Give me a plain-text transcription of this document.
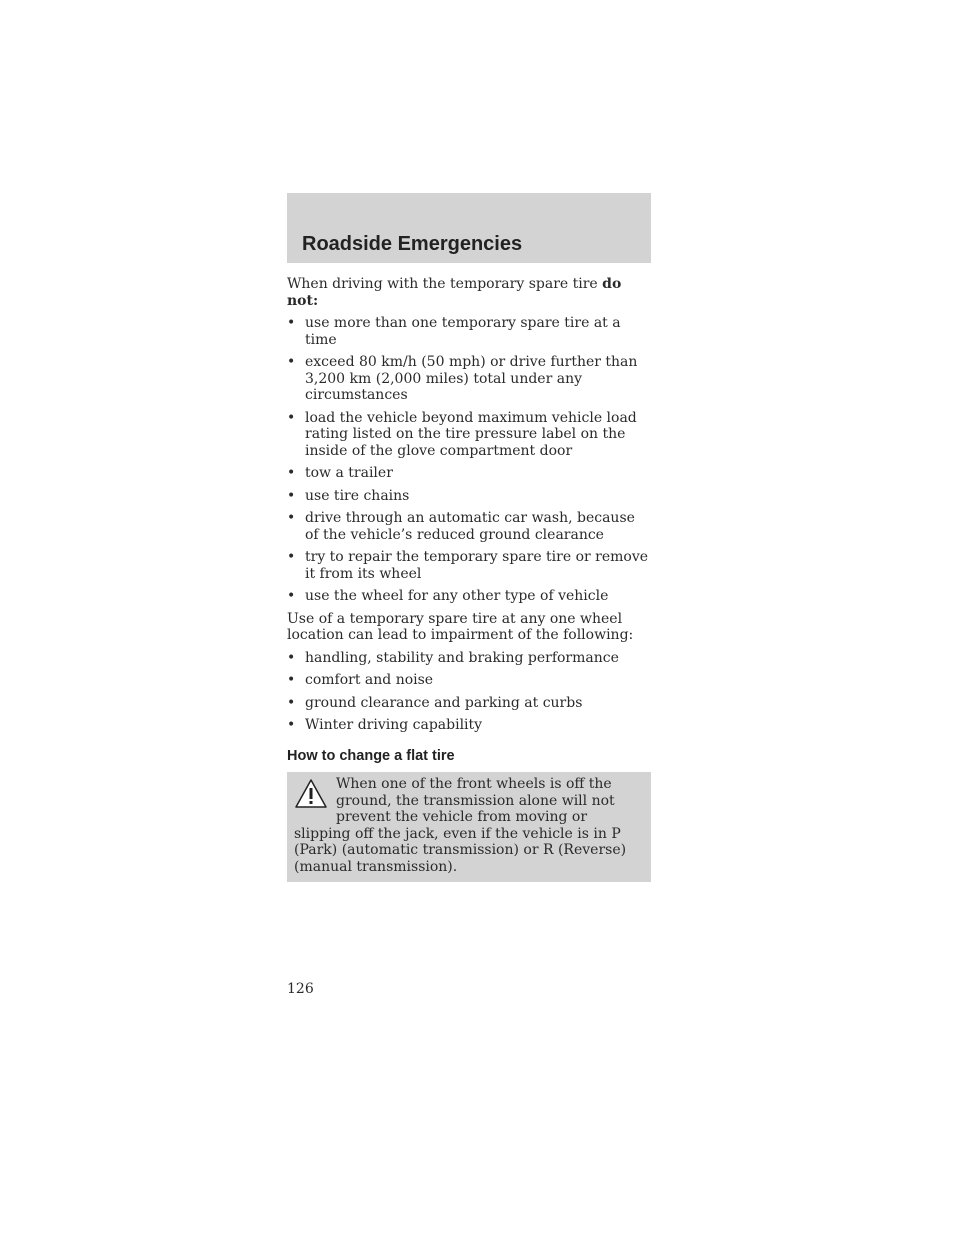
Roadside Emergencies

When driving with the temporary spare tire do not:

• use more than one temporary spare tire at a time
• exceed 80 km/h (50 mph) or drive further than 3,200 km (2,000 miles) total under any circumstances
• load the vehicle beyond maximum vehicle load rating listed on the tire pressure label on the inside of the glove compartment door
• tow a trailer
• use tire chains
• drive through an automatic car wash, because of the vehicle’s reduced ground clearance
• try to repair the temporary spare tire or remove it from its wheel
• use the wheel for any other type of vehicle

Use of a temporary spare tire at any one wheel location can lead to impairment of the following:

• handling, stability and braking performance
• comfort and noise
• ground clearance and parking at curbs
• Winter driving capability
How to change a flat tire
When one of the front wheels is off the ground, the transmission alone will not prevent the vehicle from moving or slipping off the jack, even if the vehicle is in P (Park) (automatic transmission) or R (Reverse) (manual transmission).
126
